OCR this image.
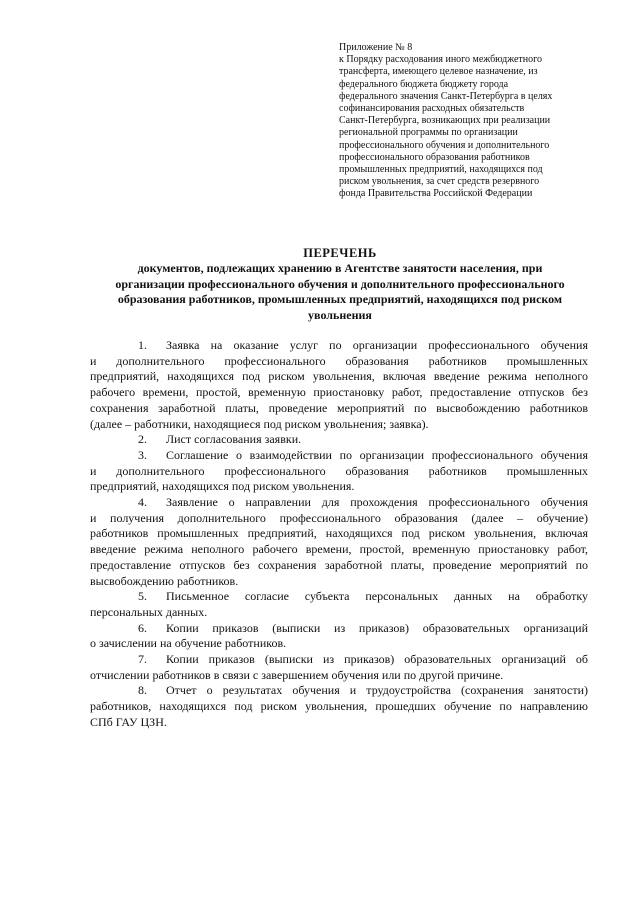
Приложение № 8
к Порядку расходования иного межбюджетного
трансферта, имеющего целевое назначение, из
федерального бюджета бюджету города
федерального значения Санкт-Петербурга в целях
софинансирования расходных обязательств
Санкт-Петербурга, возникающих при реализации
региональной программы по организации
профессионального обучения и дополнительного
профессионального образования работников
промышленных предприятий, находящихся под
риском увольнения, за счет средств резервного
фонда Правительства Российской Федерации
ПЕРЕЧЕНЬ
документов, подлежащих хранению в Агентстве занятости населения, при
организации профессионального обучения и дополнительного профессионального
образования работников, промышленных предприятий, находящихся под риском
увольнения
1. Заявка на оказание услуг по организации профессионального обучения
и дополнительного профессионального образования работников промышленных
предприятий, находящихся под риском увольнения, включая введение режима неполного
рабочего времени, простой, временную приостановку работ, предоставление отпусков без
сохранения заработной платы, проведение мероприятий по высвобождению работников
(далее – работники, находящиеся под риском увольнения; заявка).
2. Лист согласования заявки.
3. Соглашение о взаимодействии по организации профессионального обучения
и дополнительного профессионального образования работников промышленных
предприятий, находящихся под риском увольнения.
4. Заявление о направлении для прохождения профессионального обучения
и получения дополнительного профессионального образования (далее – обучение)
работников промышленных предприятий, находящихся под риском увольнения, включая
введение режима неполного рабочего времени, простой, временную приостановку работ,
предоставление отпусков без сохранения заработной платы, проведение мероприятий по
высвобождению работников.
5. Письменное согласие субъекта персональных данных на обработку
персональных данных.
6. Копии приказов (выписки из приказов) образовательных организаций
о зачислении на обучение работников.
7. Копии приказов (выписки из приказов) образовательных организаций об
отчислении работников в связи с завершением обучения или по другой причине.
8. Отчет о результатах обучения и трудоустройства (сохранения занятости)
работников, находящихся под риском увольнения, прошедших обучение по направлению
СПб ГАУ ЦЗН.
